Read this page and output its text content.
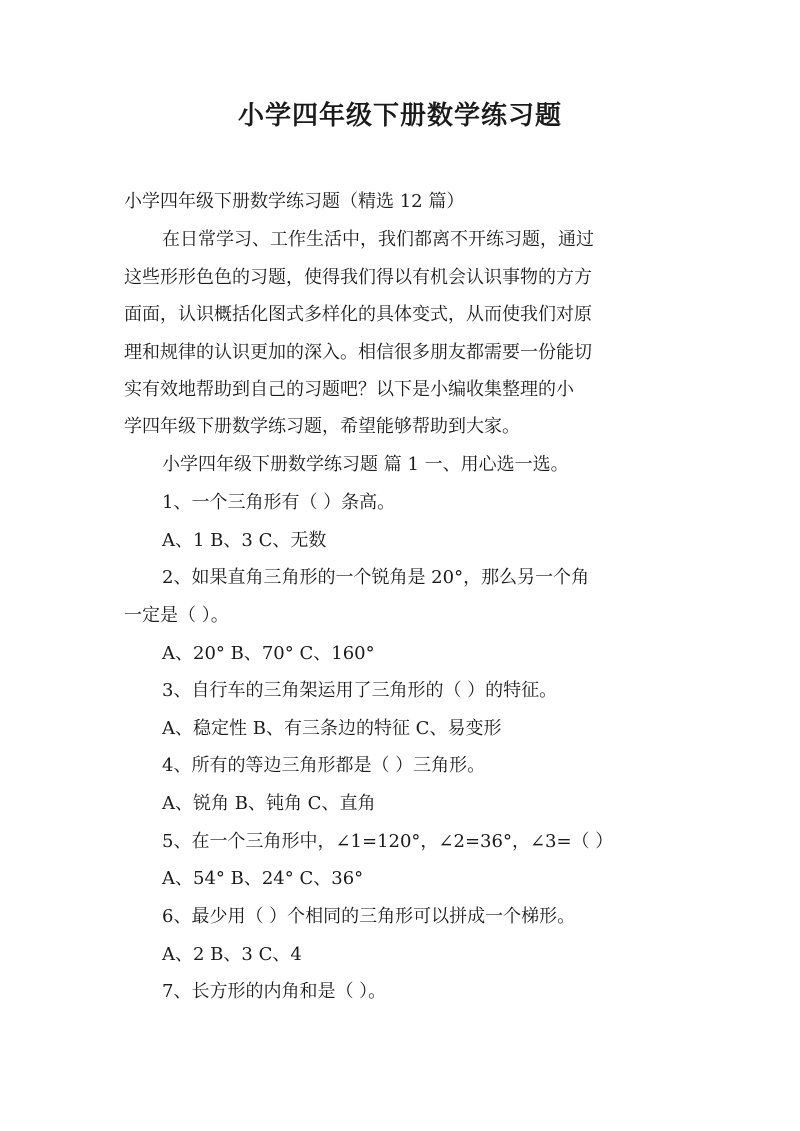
小学四年级下册数学练习题
小学四年级下册数学练习题（精选 12 篇）
在日常学习、工作生活中，我们都离不开练习题，通过
这些形形色色的习题，使得我们得以有机会认识事物的方方
面面，认识概括化图式多样化的具体变式，从而使我们对原
理和规律的认识更加的深入。相信很多朋友都需要一份能切
实有效地帮助到自己的习题吧？以下是小编收集整理的小
学四年级下册数学练习题，希望能够帮助到大家。
小学四年级下册数学练习题 篇 1 一、用心选一选。
1、一个三角形有（ ）条高。
A、1 B、3 C、无数
2、如果直角三角形的一个锐角是 20°，那么另一个角
一定是（ ）。
A、20° B、70° C、160°
3、自行车的三角架运用了三角形的（ ）的特征。
A、稳定性 B、有三条边的特征 C、易变形
4、所有的等边三角形都是（ ）三角形。
A、锐角 B、钝角 C、直角
5、在一个三角形中，∠1=120°，∠2=36°，∠3=（ ）
A、54° B、24° C、36°
6、最少用（ ）个相同的三角形可以拼成一个梯形。
A、2 B、3 C、4
7、长方形的内角和是（ ）。
